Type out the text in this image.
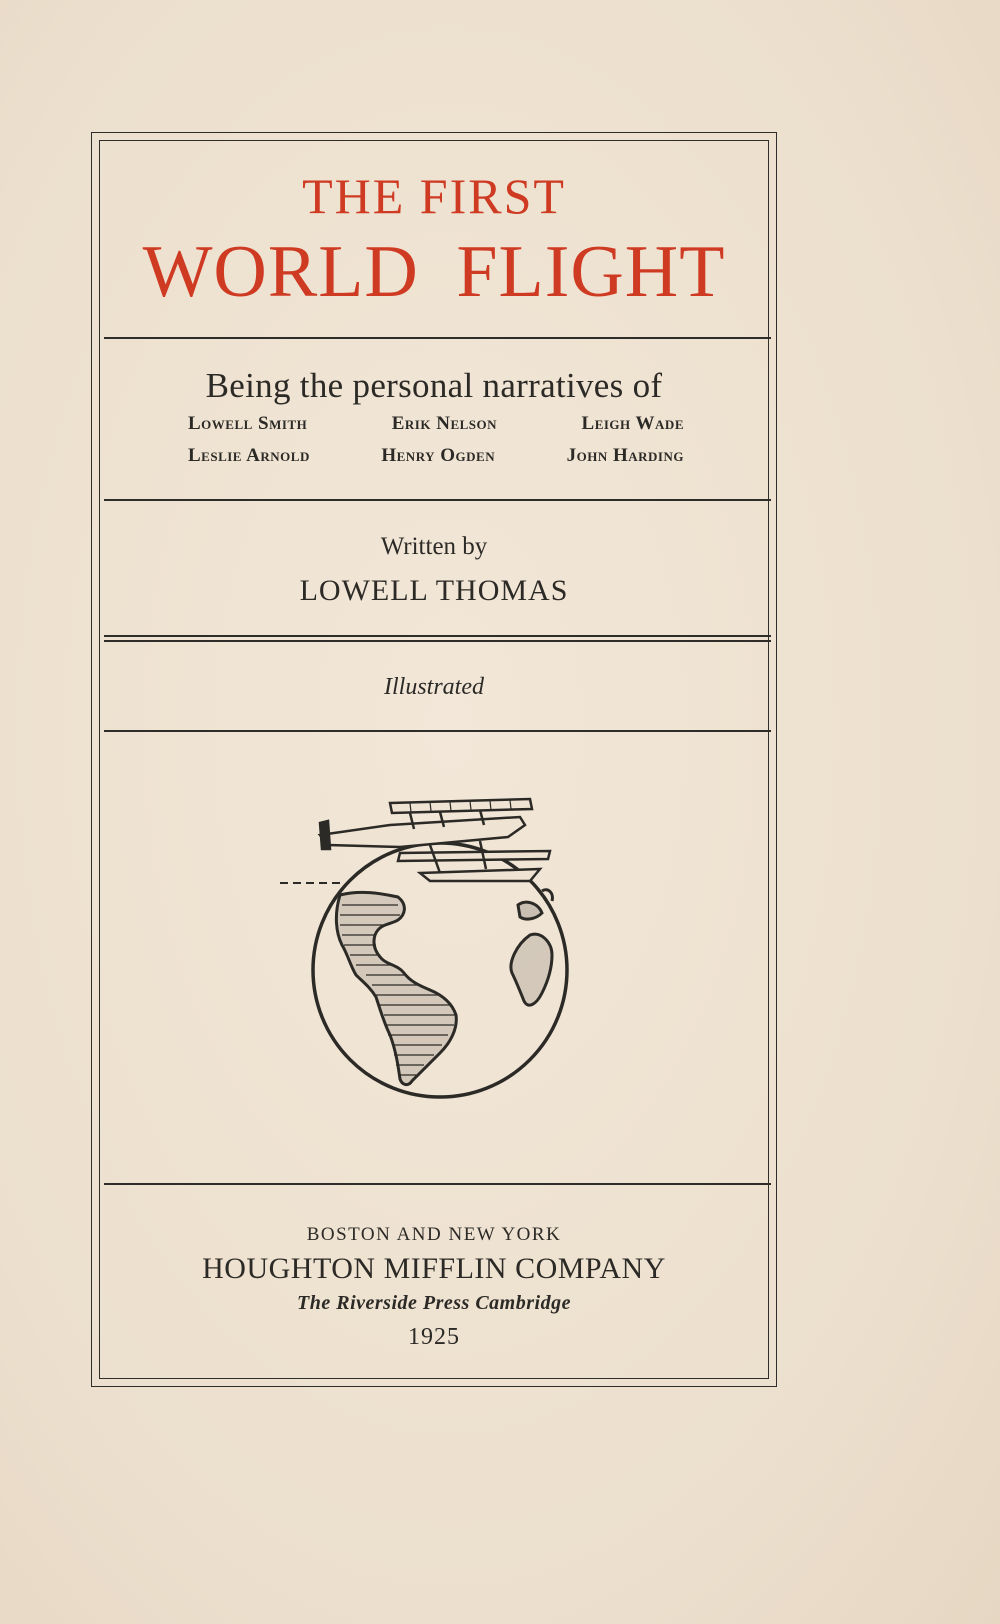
THE FIRST
WORLD FLIGHT
Being the personal narratives of
Lowell Smith	Erik Nelson	Leigh Wade
Leslie Arnold	Henry Ogden	John Harding
Written by
LOWELL THOMAS
Illustrated
BOSTON AND NEW YORK
HOUGHTON MIFFLIN COMPANY
The Riverside Press Cambridge
1925
